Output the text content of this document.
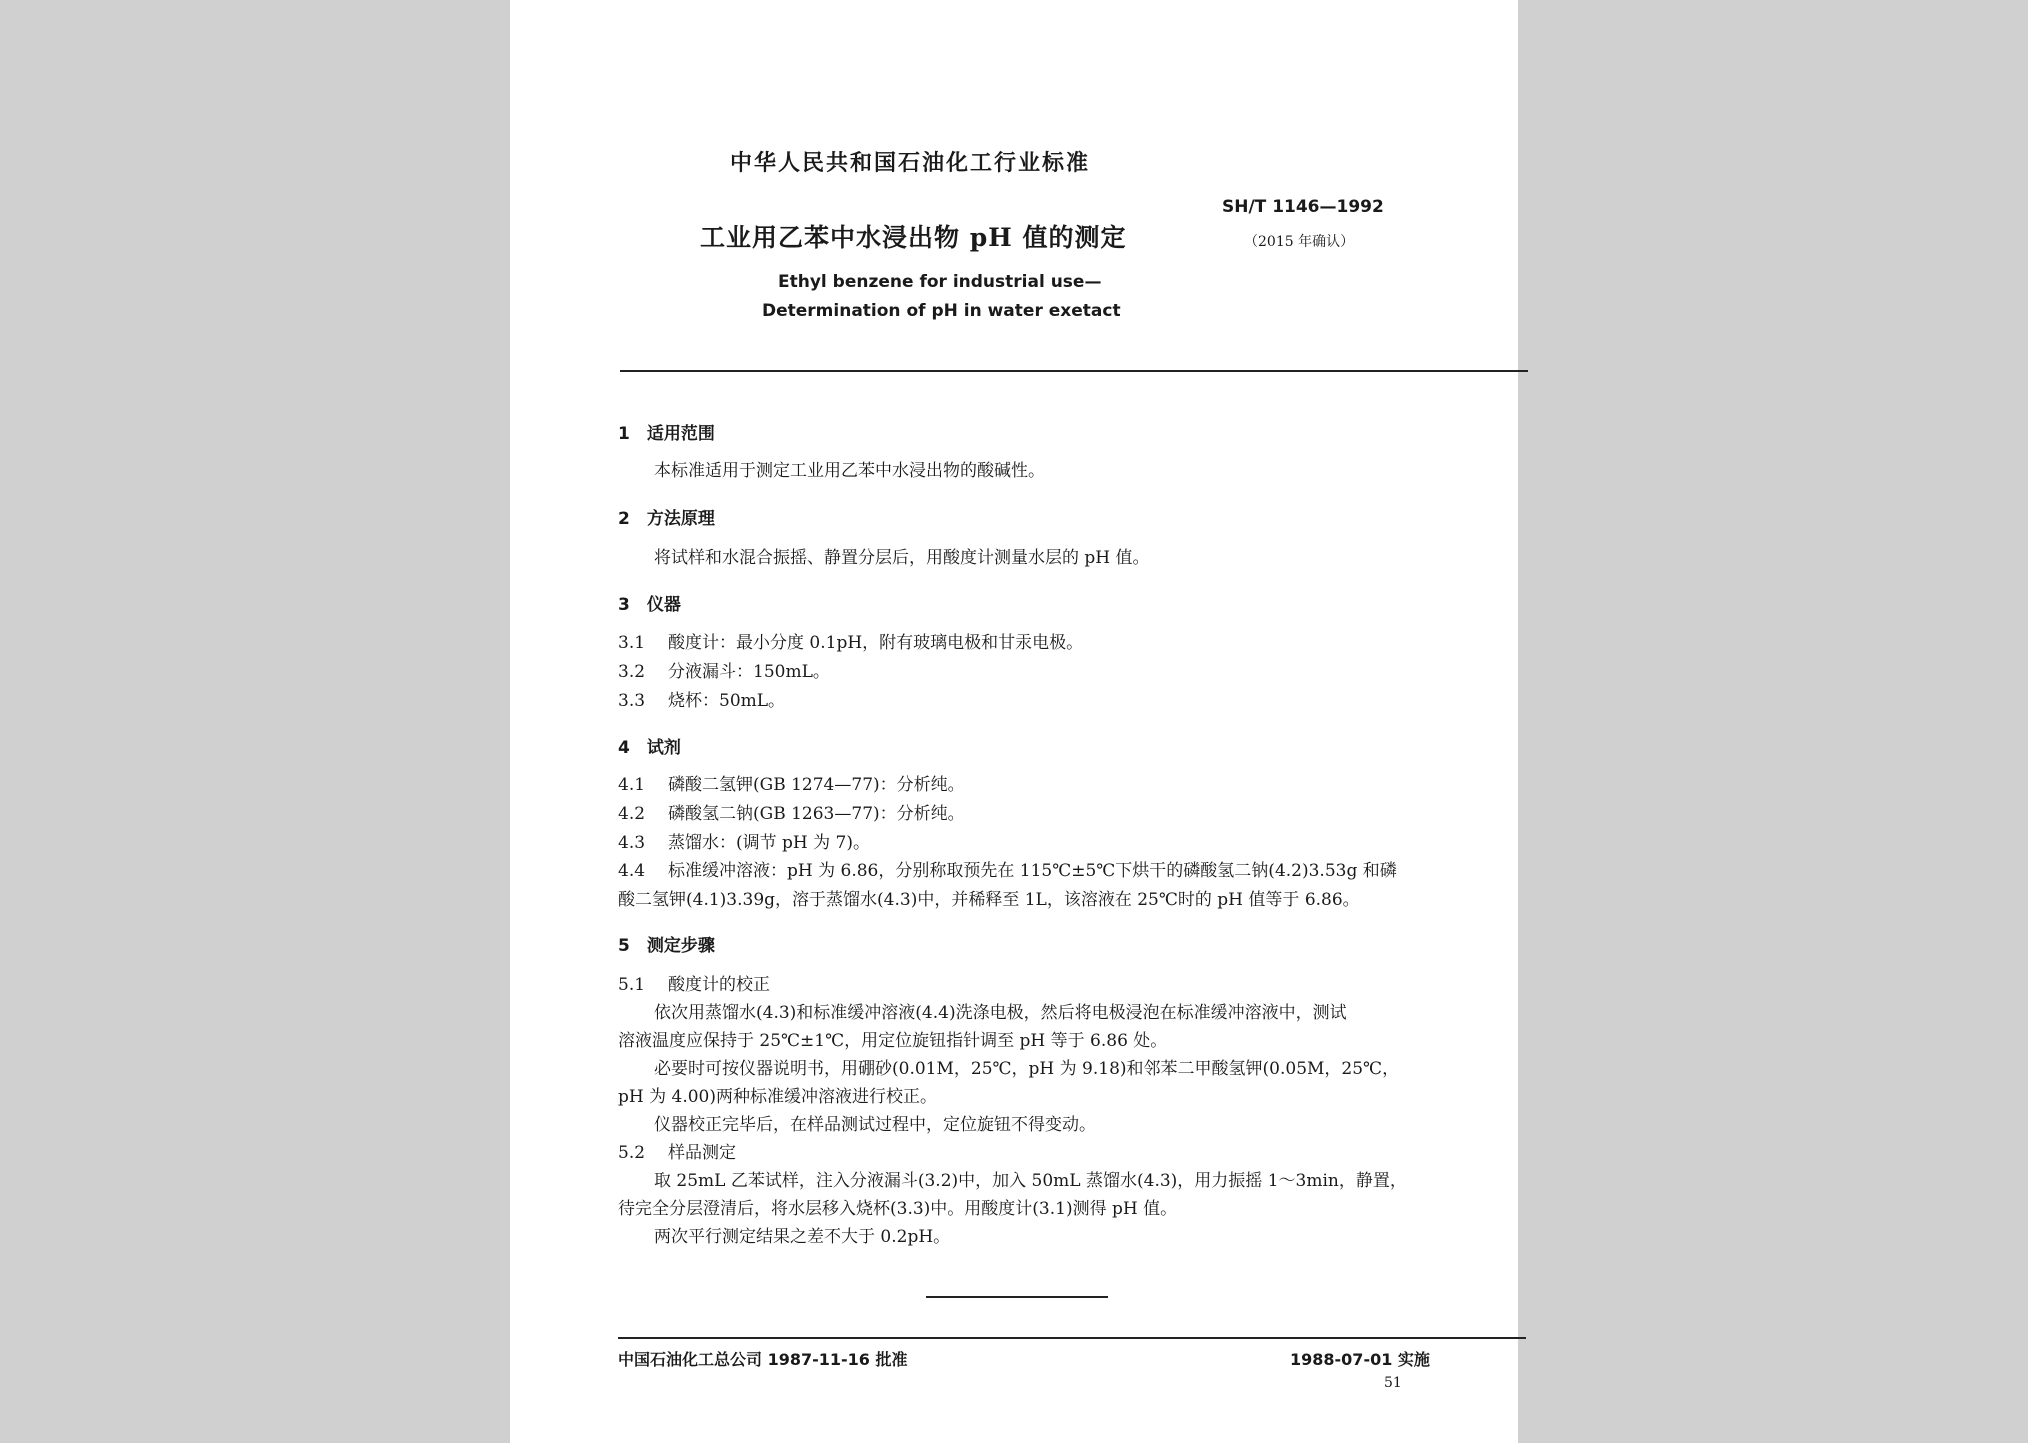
中华人民共和国石油化工行业标准
工业用乙苯中水浸出物 pH 值的测定
SH/T 1146—1992
（2015 年确认）
Ethyl benzene for industrial use—
Determination of pH in water exetact
1　适用范围
本标准适用于测定工业用乙苯中水浸出物的酸碱性。
2　方法原理
将试样和水混合振摇、静置分层后，用酸度计测量水层的 pH 值。
3　仪器
3.1 酸度计：最小分度 0.1pH，附有玻璃电极和甘汞电极。
3.2 分液漏斗：150mL。
3.3 烧杯：50mL。
4　试剂
4.1 磷酸二氢钾(GB 1274—77)：分析纯。
4.2 磷酸氢二钠(GB 1263—77)：分析纯。
4.3 蒸馏水：(调节 pH 为 7)。
4.4 标准缓冲溶液：pH 为 6.86，分别称取预先在 115℃±5℃下烘干的磷酸氢二钠(4.2)3.53g 和磷
酸二氢钾(4.1)3.39g，溶于蒸馏水(4.3)中，并稀释至 1L，该溶液在 25℃时的 pH 值等于 6.86。
5　测定步骤
5.1 酸度计的校正
依次用蒸馏水(4.3)和标准缓冲溶液(4.4)洗涤电极，然后将电极浸泡在标准缓冲溶液中，测试
溶液温度应保持于 25℃±1℃，用定位旋钮指针调至 pH 等于 6.86 处。
必要时可按仪器说明书，用硼砂(0.01M，25℃，pH 为 9.18)和邻苯二甲酸氢钾(0.05M，25℃，
pH 为 4.00)两种标准缓冲溶液进行校正。
仪器校正完毕后，在样品测试过程中，定位旋钮不得变动。
5.2 样品测定
取 25mL 乙苯试样，注入分液漏斗(3.2)中，加入 50mL 蒸馏水(4.3)，用力振摇 1～3min，静置，
待完全分层澄清后，将水层移入烧杯(3.3)中。用酸度计(3.1)测得 pH 值。
两次平行测定结果之差不大于 0.2pH。
中国石油化工总公司 1987-11-16 批准	1988-07-01 实施
51
